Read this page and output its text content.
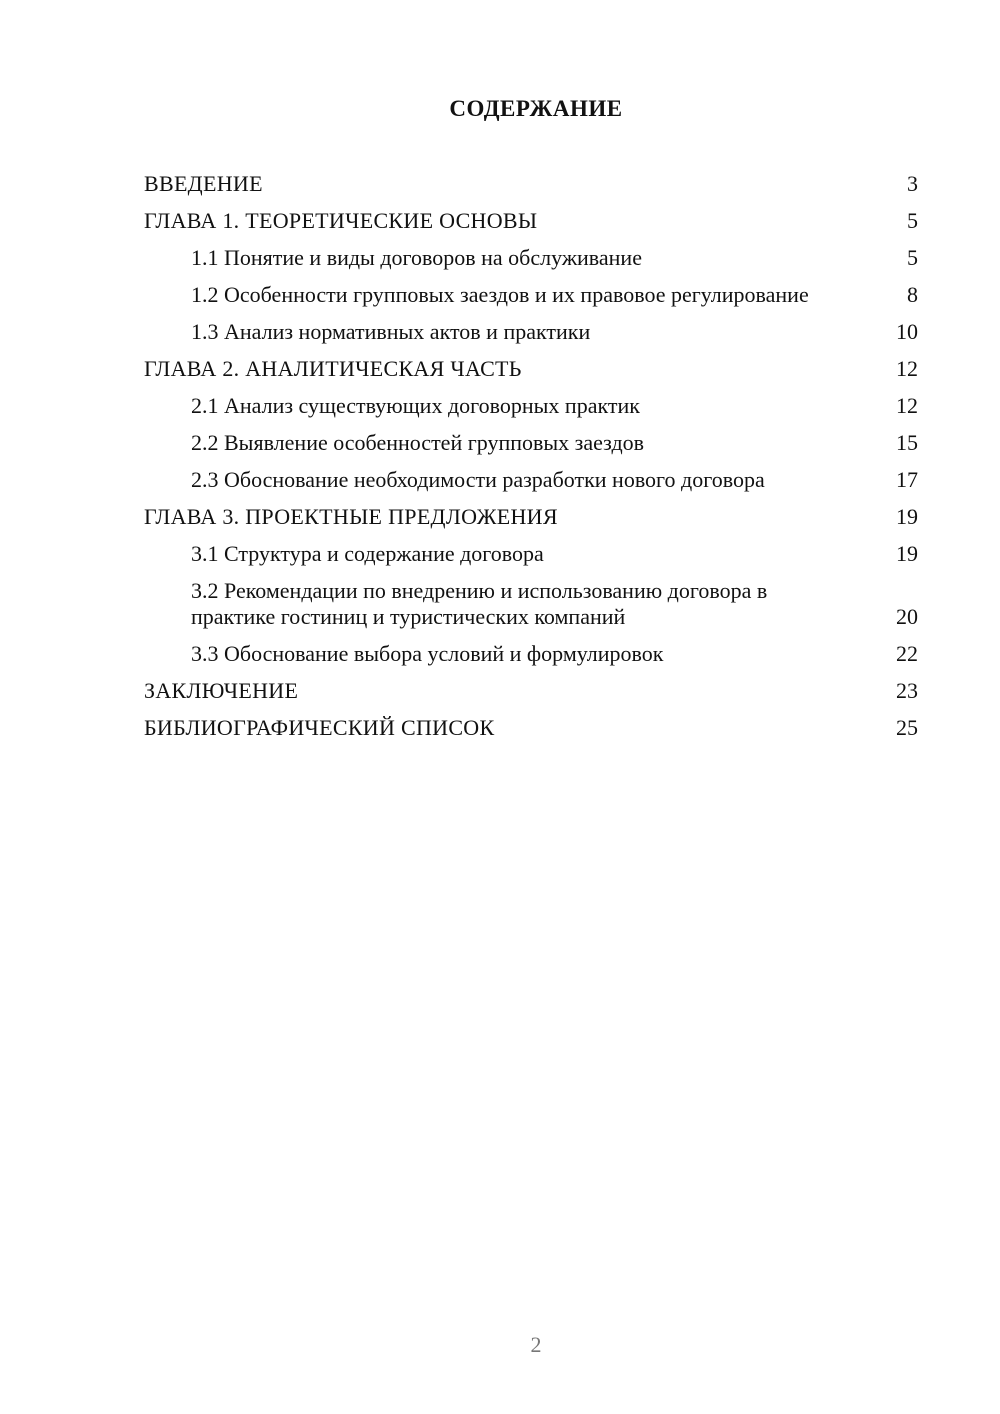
СОДЕРЖАНИЕ
ВВЕДЕНИЕ	3
ГЛАВА 1. ТЕОРЕТИЧЕСКИЕ ОСНОВЫ	5
1.1 Понятие и виды договоров на обслуживание	5
1.2 Особенности групповых заездов и их правовое регулирование	8
1.3 Анализ нормативных актов и практики	10
ГЛАВА 2. АНАЛИТИЧЕСКАЯ ЧАСТЬ	12
2.1 Анализ существующих договорных практик	12
2.2 Выявление особенностей групповых заездов	15
2.3 Обоснование необходимости разработки нового договора	17
ГЛАВА 3. ПРОЕКТНЫЕ ПРЕДЛОЖЕНИЯ	19
3.1 Структура и содержание договора	19
3.2 Рекомендации по внедрению и использованию договора в практике гостиниц и туристических компаний	20
3.3 Обоснование выбора условий и формулировок	22
ЗАКЛЮЧЕНИЕ	23
БИБЛИОГРАФИЧЕСКИЙ СПИСОК	25
2
